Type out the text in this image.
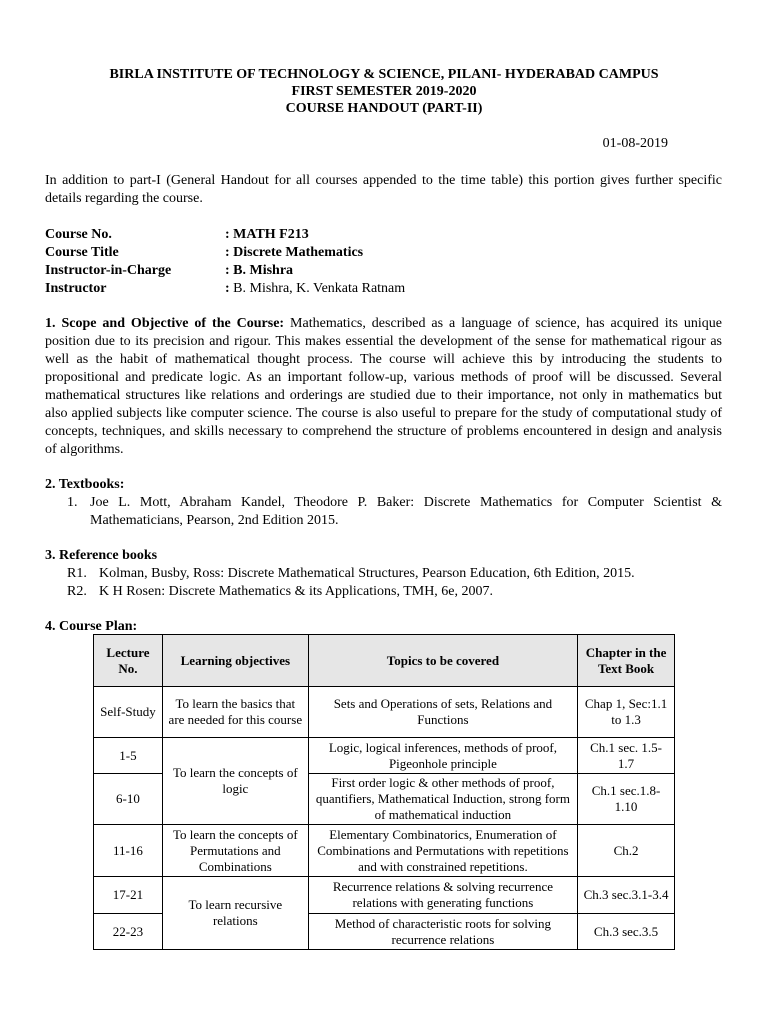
BIRLA INSTITUTE OF TECHNOLOGY & SCIENCE, PILANI- HYDERABAD CAMPUS
FIRST SEMESTER 2019-2020
COURSE HANDOUT (PART-II)
01-08-2019
In addition to part-I (General Handout for all courses appended to the time table) this portion gives further specific details regarding the course.
Course No.	: MATH F213
Course Title	: Discrete Mathematics
Instructor-in-Charge	: B. Mishra
Instructor	: B. Mishra, K. Venkata Ratnam
1. Scope and Objective of the Course: Mathematics, described as a language of science, has acquired its unique position due to its precision and rigour. This makes essential the development of the sense for mathematical rigour as well as the habit of mathematical thought process. The course will achieve this by introducing the students to propositional and predicate logic. As an important follow-up, various methods of proof will be discussed. Several mathematical structures like relations and orderings are studied due to their importance, not only in mathematics but also applied subjects like computer science. The course is also useful to prepare for the study of computational study of concepts, techniques, and skills necessary to comprehend the structure of problems encountered in design and analysis of algorithms.
2. Textbooks:
1. Joe L. Mott, Abraham Kandel, Theodore P. Baker: Discrete Mathematics for Computer Scientist & Mathematicians, Pearson, 2nd Edition 2015.
3. Reference books
R1. Kolman, Busby, Ross: Discrete Mathematical Structures, Pearson Education, 6th Edition, 2015.
R2. K H Rosen: Discrete Mathematics & its Applications, TMH, 6e, 2007.
4. Course Plan:
Lecture No.	Learning objectives	Topics to be covered	Chapter in the Text Book
Self-Study	To learn the basics that are needed for this course	Sets and Operations of sets, Relations and Functions	Chap 1, Sec:1.1 to 1.3
1-5	To learn the concepts of logic	Logic, logical inferences, methods of proof, Pigeonhole principle	Ch.1 sec. 1.5-1.7
6-10		First order logic & other methods of proof, quantifiers, Mathematical Induction, strong form of mathematical induction	Ch.1 sec.1.8-1.10
11-16	To learn the concepts of Permutations and Combinations	Elementary Combinatorics, Enumeration of Combinations and Permutations with repetitions and with constrained repetitions.	Ch.2
17-21	To learn recursive relations	Recurrence relations & solving recurrence relations with generating functions	Ch.3 sec.3.1-3.4
22-23		Method of characteristic roots for solving recurrence relations	Ch.3 sec.3.5
